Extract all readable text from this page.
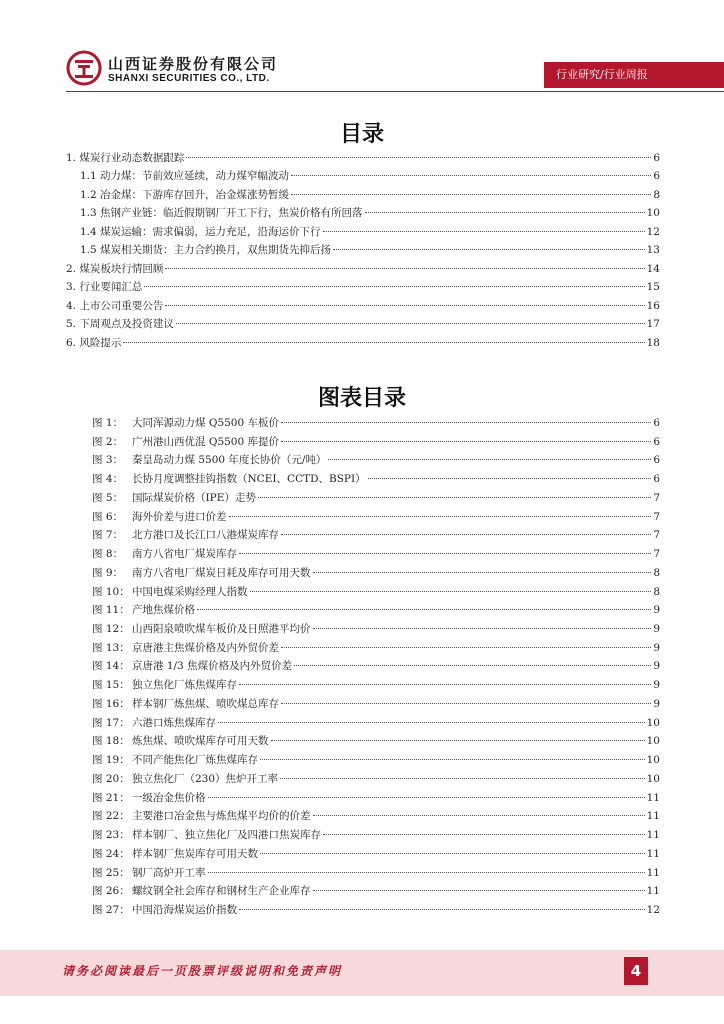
山西证券股份有限公司
SHANXI SECURITIES CO., LTD.	行业研究/行业周报
目录
1. 煤炭行业动态数据跟踪	6
1.1 动力煤：节前效应延续，动力煤窄幅波动	6
1.2 冶金煤：下游库存回升，冶金煤涨势暂缓	8
1.3 焦钢产业链：临近假期钢厂开工下行，焦炭价格有所回落	10
1.4 煤炭运输：需求偏弱，运力充足，沿海运价下行	12
1.5 煤炭相关期货：主力合约换月，双焦期货先抑后扬	13
2. 煤炭板块行情回顾	14
3. 行业要闻汇总	15
4. 上市公司重要公告	16
5. 下周观点及投资建议	17
6. 风险提示	18
图表目录
图 1： 大同浑源动力煤 Q5500 车板价	6
图 2： 广州港山西优混 Q5500 库提价	6
图 3： 秦皇岛动力煤 5500 年度长协价（元/吨）	6
图 4： 长协月度调整挂钩指数（NCEI、CCTD、BSPI）	6
图 5： 国际煤炭价格（IPE）走势	7
图 6： 海外价差与进口价差	7
图 7： 北方港口及长江口八港煤炭库存	7
图 8： 南方八省电厂煤炭库存	7
图 9： 南方八省电厂煤炭日耗及库存可用天数	8
图 10： 中国电煤采购经理人指数	8
图 11： 产地焦煤价格	9
图 12： 山西阳泉喷吹煤车板价及日照港平均价	9
图 13： 京唐港主焦煤价格及内外贸价差	9
图 14： 京唐港 1/3 焦煤价格及内外贸价差	9
图 15： 独立焦化厂炼焦煤库存	9
图 16： 样本钢厂炼焦煤、喷吹煤总库存	9
图 17： 六港口炼焦煤库存	10
图 18： 炼焦煤、喷吹煤库存可用天数	10
图 19： 不同产能焦化厂炼焦煤库存	10
图 20： 独立焦化厂（230）焦炉开工率	10
图 21： 一级冶金焦价格	11
图 22： 主要港口冶金焦与炼焦煤平均价的价差	11
图 23： 样本钢厂、独立焦化厂及四港口焦炭库存	11
图 24： 样本钢厂焦炭库存可用天数	11
图 25： 钢厂高炉开工率	11
图 26： 螺纹钢全社会库存和钢材生产企业库存	11
图 27： 中国沿海煤炭运价指数	12
请务必阅读最后一页股票评级说明和免责声明	4
